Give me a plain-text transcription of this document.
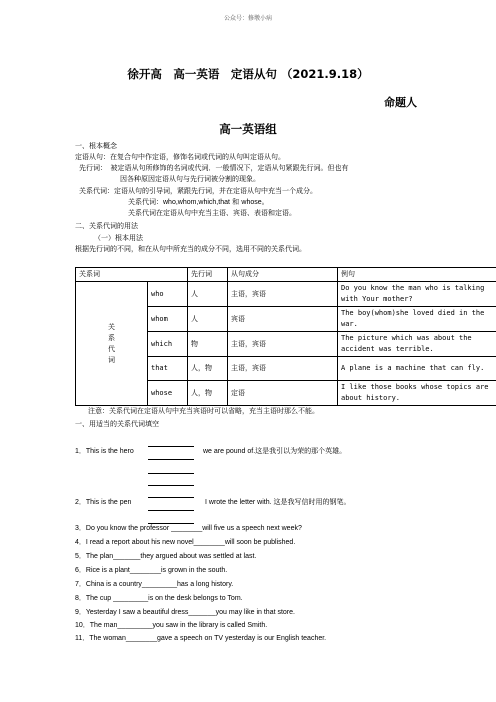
公众号：修墩小病
徐开高　高一英语　定语从句 （2021.9.18）
命题人
高一英语组
一、根本概念
定语从句：在复合句中作定语，修饰名词或代词的从句叫定语从句。
先行词：　被定语从句所修饰的名词或代词．一般情况下，定语从句紧跟先行词。但也有
因各种原因定语从句与先行词被分割的现象。
关系代词：定语从句的引导词，紧跟先行词，并在定语从句中充当一个成分。
关系代词：who,whom,which,that 和 whose。
关系代词在定语从句中充当主语、宾语、表语和定语。
二、关系代词的用法
（一）根本用法
根据先行词的不同，和在从句中所充当的成分不同，选用不同的关系代词。
关系词		先行词	从句成分	例句
关
系
代
词	who	人	主语，宾语	Do you know the man who is talking with Your mother?
	whom	人	宾语	The boy(whom)she loved died in the war.
	which	物	主语，宾语	The picture which was about the accident was terrible.
	that	人，物	主语，宾语	A plane is a machine that can fly.
	whose	人，物	定语	I like those books whose topics are about history.
注意：关系代词在定语从句中充当宾语时可以省略，充当主语时那么不能。
一、用适当的关系代词填空
1．This is the hero	we are pound of.这是我引以为荣的那个英雄。
2．This is the pen	I wrote the letter with. 这是我写信时用的钢笔。
3．Do you know the professor ________will five us a speech next week?
4．I read a report about his new novel________will soon be published.
5．The plan_______they argued about was settled at last.
6．Rice is a plant________is grown in the south.
7．China is a country_________has a long history.
8．The cup _________is on the desk belongs to Tom.
9．Yesterday I saw a beautiful dress_______you may like in that store.
10．The man_________you saw in the library is called Smith.
11．The woman________gave a speech on TV yesterday is our English teacher.
